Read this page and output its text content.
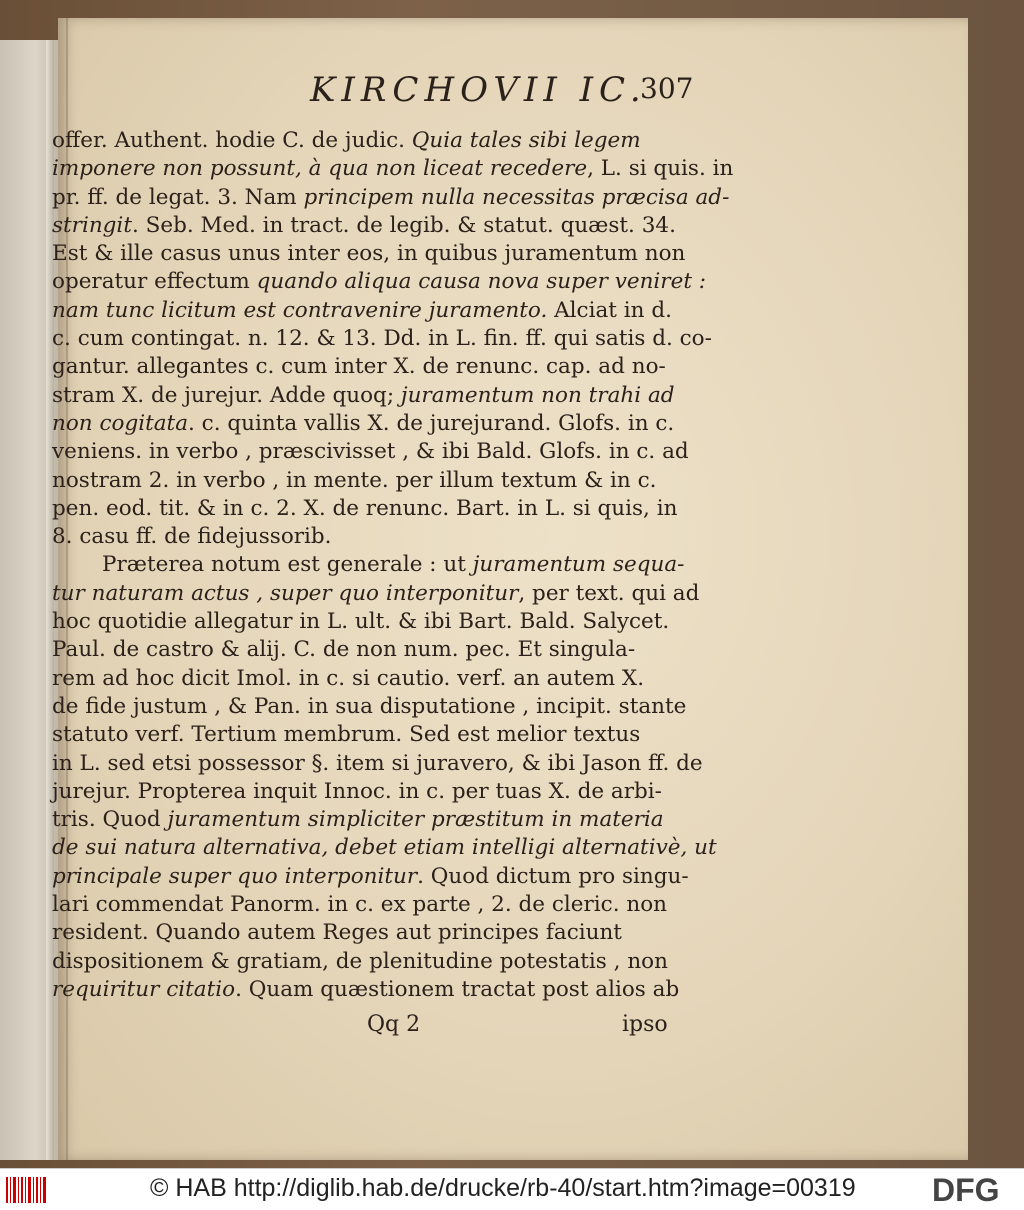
KIRCHOVII IC.
307
offer. Authent. hodie C. de judic. Quia tales sibi legem
imponere non possunt, à qua non liceat recedere, L. si quis. in
pr. ff. de legat. 3. Nam principem nulla necessitas præcisa ad-
stringit. Seb. Med. in tract. de legib. & statut. quæst. 34.
Est & ille casus unus inter eos, in quibus juramentum non
operatur effectum quando aliqua causa nova super veniret :
nam tunc licitum est contravenire juramento. Alciat in d.
c. cum contingat. n. 12. & 13. Dd. in L. fin. ff. qui satis d. co-
gantur. allegantes c. cum inter X. de renunc. cap. ad no-
stram X. de jurejur. Adde quoq; juramentum non trahi ad
non cogitata. c. quinta vallis X. de jurejurand. Glofs. in c.
veniens. in verbo , præscivisset , & ibi Bald. Glofs. in c. ad
nostram 2. in verbo , in mente. per illum textum & in c.
pen. eod. tit. & in c. 2. X. de renunc. Bart. in L. si quis, in
8. casu ff. de fidejussorib.
Præterea notum est generale : ut juramentum sequa-
tur naturam actus , super quo interponitur, per text. qui ad
hoc quotidie allegatur in L. ult. & ibi Bart. Bald. Salycet.
Paul. de castro & alij. C. de non num. pec. Et singula-
rem ad hoc dicit Imol. in c. si cautio. verf. an autem X.
de fide justum , & Pan. in sua disputatione , incipit. stante
statuto verf. Tertium membrum. Sed est melior textus
in L. sed etsi possessor §. item si juravero, & ibi Jason ff. de
jurejur. Propterea inquit Innoc. in c. per tuas X. de arbi-
tris. Quod juramentum simpliciter præstitum in materia
de sui natura alternativa, debet etiam intelligi alternativè, ut
principale super quo interponitur. Quod dictum pro singu-
lari commendat Panorm. in c. ex parte , 2. de cleric. non
resident. Quando autem Reges aut principes faciunt
dispositionem & gratiam, de plenitudine potestatis , non
requiritur citatio. Quam quæstionem tractat post alios ab
Qq 2	ipso
© HAB http://diglib.hab.de/drucke/rb-40/start.htm?image=00319 DFG
